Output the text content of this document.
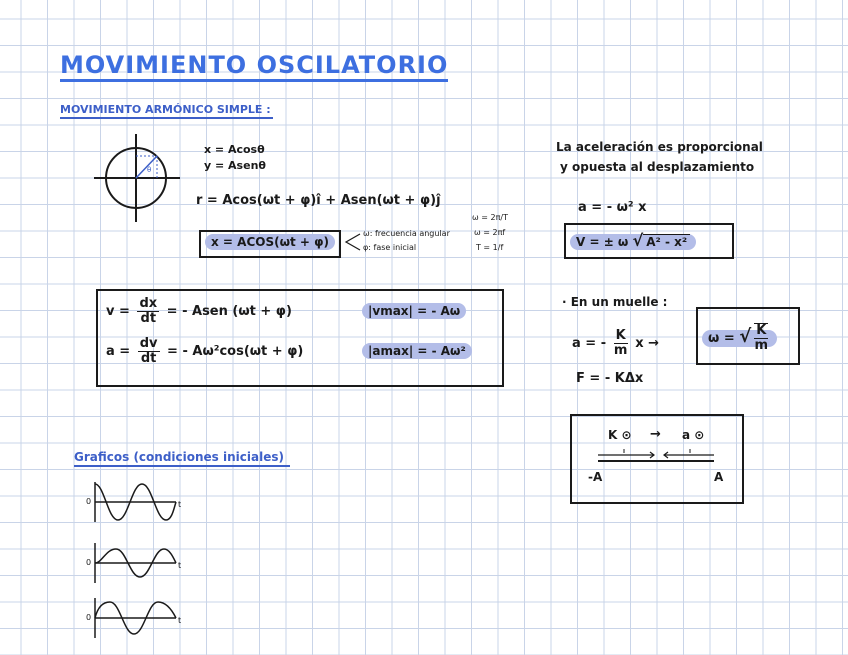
MOVIMIENTO OSCILATORIO
MOVIMIENTO ARMÓNICO SIMPLE :
θ
x = Acosθ
y = Asenθ
r = Acos(ωt + φ)î + Asen(ωt + φ)ĵ
x = ACOS(ωt + φ)
ω: frecuencia angular
φ: fase inicial
ω = 2π/T
ω = 2πf
T = 1/f
$v = \frac{dx}{dt}$ = - Asen (ωt + φ)	|vmax| = - Aω
$a = \frac{dv}{dt}$ = - Aω²cos(ωt + φ)	|amax| = - Aω²
La aceleración es proporcional
y opuesta al desplazamiento
a = - ω² x
V = ± ω √ A² - x²
· En un muelle :
a = - $\frac{K}{m}$ x →	ω = √ $\frac{K}{m}$
F = - KΔx
K ⊙ → a ⊙
-A	A
Graficos (condiciones iniciales)
0	t
0	t
0	t
